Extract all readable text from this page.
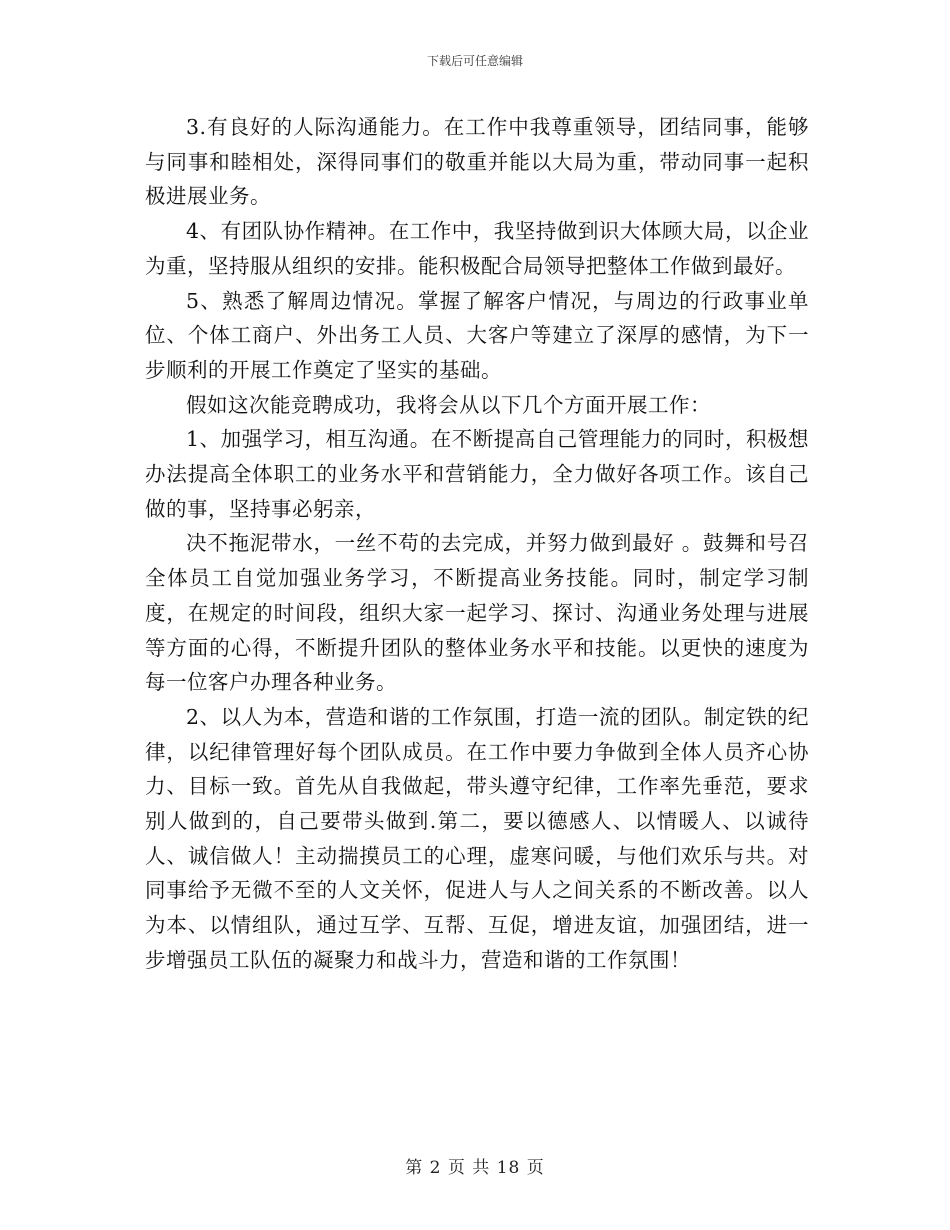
下载后可任意编辑

3.有良好的人际沟通能力。在工作中我尊重领导，团结同事，能够与同事和睦相处，深得同事们的敬重并能以大局为重，带动同事一起积极进展业务。

4、有团队协作精神。在工作中，我坚持做到识大体顾大局，以企业为重，坚持服从组织的安排。能积极配合局领导把整体工作做到最好。

5、熟悉了解周边情况。掌握了解客户情况，与周边的行政事业单位、个体工商户、外出务工人员、大客户等建立了深厚的感情，为下一步顺利的开展工作奠定了坚实的基础。

假如这次能竞聘成功，我将会从以下几个方面开展工作：

1、加强学习，相互沟通。在不断提高自己管理能力的同时，积极想办法提高全体职工的业务水平和营销能力，全力做好各项工作。该自己做的事，坚持事必躬亲，

决不拖泥带水，一丝不苟的去完成，并努力做到最好 。鼓舞和号召全体员工自觉加强业务学习，不断提高业务技能。同时，制定学习制度，在规定的时间段，组织大家一起学习、探讨、沟通业务处理与进展等方面的心得，不断提升团队的整体业务水平和技能。以更快的速度为每一位客户办理各种业务。

2、以人为本，营造和谐的工作氛围，打造一流的团队。制定铁的纪律，以纪律管理好每个团队成员。在工作中要力争做到全体人员齐心协力、目标一致。首先从自我做起，带头遵守纪律，工作率先垂范，要求别人做到的，自己要带头做到.第二，要以德感人、以情暖人、以诚待人、诚信做人！主动揣摸员工的心理，虚寒问暖，与他们欢乐与共。对同事给予无微不至的人文关怀，促进人与人之间关系的不断改善。以人为本、以情组队，通过互学、互帮、互促，增进友谊，加强团结，进一步增强员工队伍的凝聚力和战斗力，营造和谐的工作氛围！

第 2 页 共 18 页
